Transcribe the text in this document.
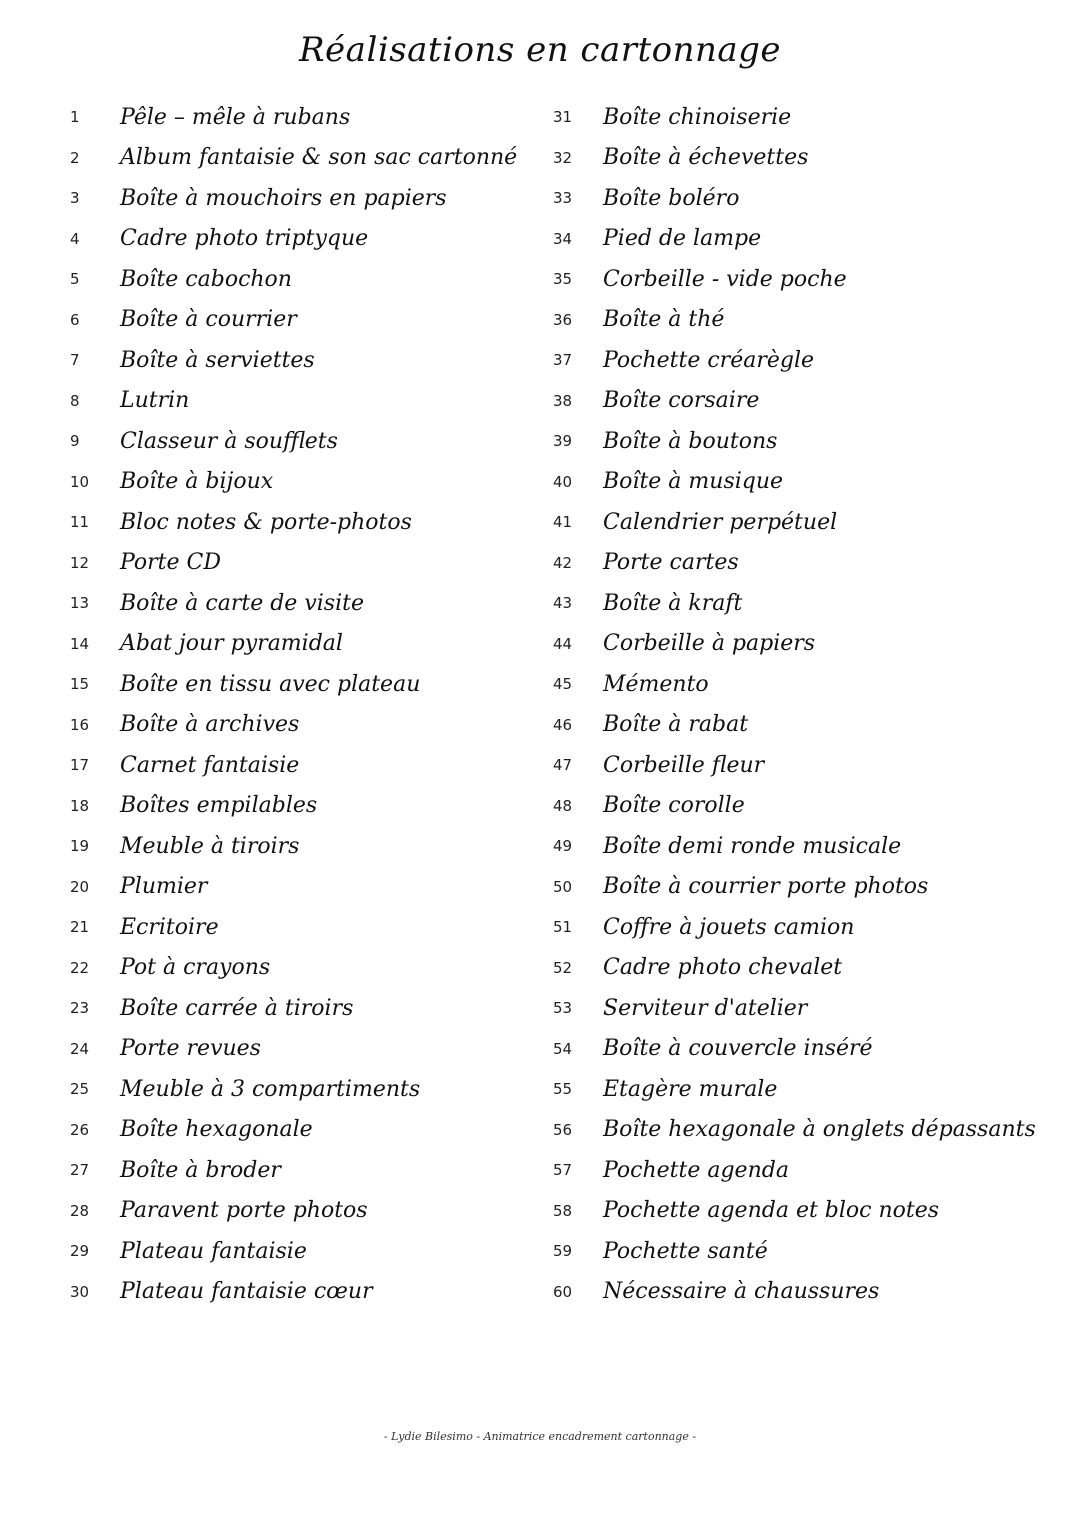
Réalisations en cartonnage
1	Pêle – mêle à rubans
2	Album fantaisie & son sac cartonné
3	Boîte à mouchoirs en papiers
4	Cadre photo triptyque
5	Boîte cabochon
6	Boîte à courrier
7	Boîte à serviettes
8	Lutrin
9	Classeur à soufflets
10	Boîte à bijoux
11	Bloc notes & porte-photos
12	Porte CD
13	Boîte à carte de visite
14	Abat jour pyramidal
15	Boîte en tissu avec plateau
16	Boîte à archives
17	Carnet fantaisie
18	Boîtes empilables
19	Meuble à tiroirs
20	Plumier
21	Ecritoire
22	Pot à crayons
23	Boîte carrée à tiroirs
24	Porte revues
25	Meuble à 3 compartiments
26	Boîte hexagonale
27	Boîte à broder
28	Paravent porte photos
29	Plateau fantaisie
30	Plateau fantaisie cœur
31	Boîte chinoiserie
32	Boîte à échevettes
33	Boîte boléro
34	Pied de lampe
35	Corbeille - vide poche
36	Boîte à thé
37	Pochette créarègle
38	Boîte corsaire
39	Boîte à boutons
40	Boîte à musique
41	Calendrier perpétuel
42	Porte cartes
43	Boîte à kraft
44	Corbeille à papiers
45	Mémento
46	Boîte à rabat
47	Corbeille fleur
48	Boîte corolle
49	Boîte demi ronde musicale
50	Boîte à courrier porte photos
51	Coffre à jouets camion
52	Cadre photo chevalet
53	Serviteur d'atelier
54	Boîte à couvercle inséré
55	Etagère murale
56	Boîte hexagonale à onglets dépassants
57	Pochette agenda
58	Pochette agenda et bloc notes
59	Pochette santé
60	Nécessaire à chaussures
- Lydie Bilesimo - Animatrice encadrement cartonnage -
